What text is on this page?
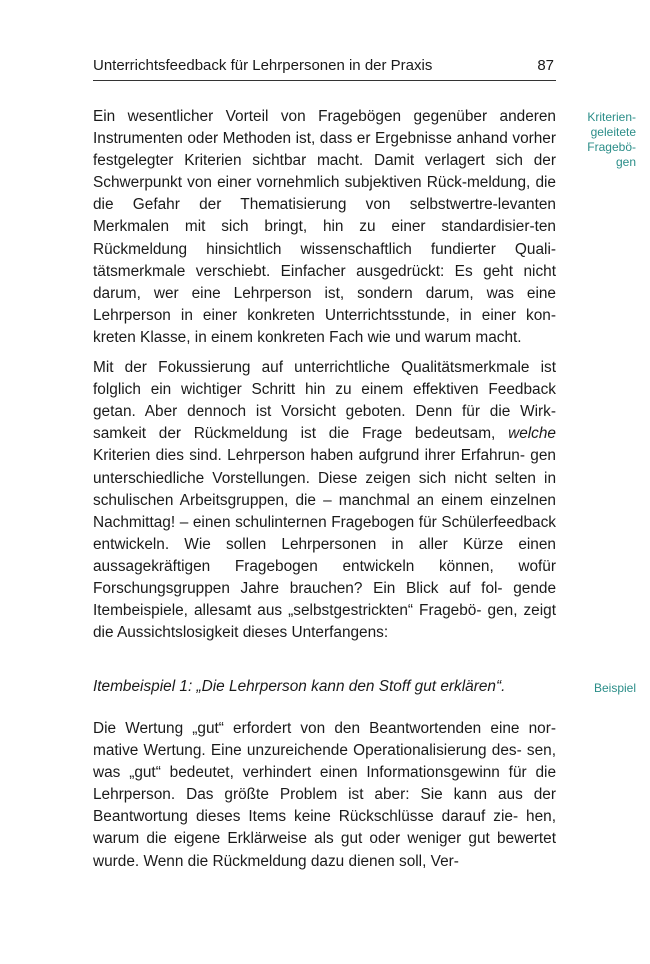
Unterrichtsfeedback für Lehrpersonen in der Praxis	87
Kriterien-
geleitete
Fragebö-
gen
Beispiel

Ein wesentlicher Vorteil von Fragebögen gegenüber anderen Instrumenten oder Methoden ist, dass er Ergebnisse anhand vorher festgelegter Kriterien sichtbar macht. Damit verlagert sich der Schwerpunkt von einer vornehmlich subjektiven Rück-meldung, die die Gefahr der Thematisierung von selbstwertre-levanten Merkmalen mit sich bringt, hin zu einer standardisier-ten Rückmeldung hinsichtlich wissenschaftlich fundierter Quali-tätsmerkmale verschiebt. Einfacher ausgedrückt: Es geht nicht darum, wer eine Lehrperson ist, sondern darum, was eine Lehrperson in einer konkreten Unterrichtsstunde, in einer kon-kreten Klasse, in einem konkreten Fach wie und warum macht.

Mit der Fokussierung auf unterrichtliche Qualitätsmerkmale ist folglich ein wichtiger Schritt hin zu einem effektiven Feedback getan. Aber dennoch ist Vorsicht geboten. Denn für die Wirk- samkeit der Rückmeldung ist die Frage bedeutsam, welche Kriterien dies sind. Lehrperson haben aufgrund ihrer Erfahrun- gen unterschiedliche Vorstellungen. Diese zeigen sich nicht selten in schulischen Arbeitsgruppen, die – manchmal an einem einzelnen Nachmittag! – einen schulinternen Fragebogen für Schülerfeedback entwickeln. Wie sollen Lehrpersonen in aller Kürze einen aussagekräftigen Fragebogen entwickeln können, wofür Forschungsgruppen Jahre brauchen? Ein Blick auf fol- gende Itembeispiele, allesamt aus „selbstgestrickten“ Fragebö- gen, zeigt die Aussichtslosigkeit dieses Unterfangens:

Itembeispiel 1: „Die Lehrperson kann den Stoff gut erklären“.

Die Wertung „gut“ erfordert von den Beantwortenden eine nor- mative Wertung. Eine unzureichende Operationalisierung des- sen, was „gut“ bedeutet, verhindert einen Informationsgewinn für die Lehrperson. Das größte Problem ist aber: Sie kann aus der Beantwortung dieses Items keine Rückschlüsse darauf zie- hen, warum die eigene Erklärweise als gut oder weniger gut bewertet wurde. Wenn die Rückmeldung dazu dienen soll, Ver-
